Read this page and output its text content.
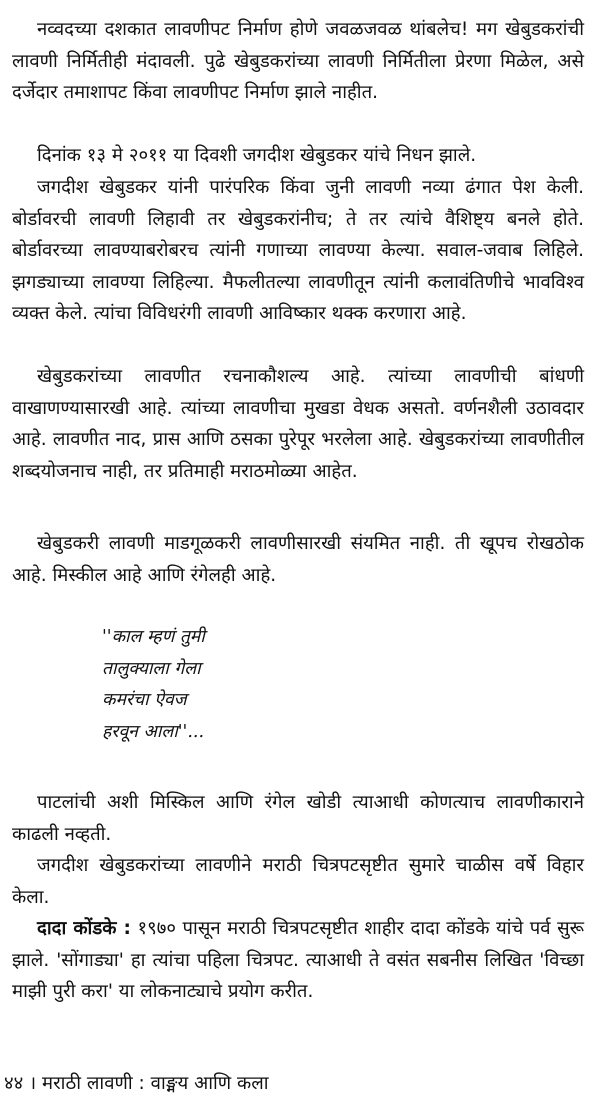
नव्वदच्या दशकात लावणीपट निर्माण होणे जवळजवळ थांबलेच! मग खेबुडकरांची लावणी निर्मितीही मंदावली. पुढे खेबुडकरांच्या लावणी निर्मितीला प्रेरणा मिळेल, असे दर्जेदार तमाशापट किंवा लावणीपट निर्माण झाले नाहीत.

दिनांक १३ मे २०११ या दिवशी जगदीश खेबुडकर यांचे निधन झाले.

जगदीश खेबुडकर यांनी पारंपरिक किंवा जुनी लावणी नव्या ढंगात पेश केली. बोर्डावरची लावणी लिहावी तर खेबुडकरांनीच; ते तर त्यांचे वैशिष्ट्य बनले होते. बोर्डावरच्या लावण्याबरोबरच त्यांनी गणाच्या लावण्या केल्या. सवाल-जवाब लिहिले. झगड्याच्या लावण्या लिहिल्या. मैफलीतल्या लावणीतून त्यांनी कलावंतिणीचे भावविश्व व्यक्त केले. त्यांचा विविधरंगी लावणी आविष्कार थक्क करणारा आहे.

खेबुडकरांच्या लावणीत रचनाकौशल्य आहे. त्यांच्या लावणीची बांधणी वाखाणण्यासारखी आहे. त्यांच्या लावणीचा मुखडा वेधक असतो. वर्णनशैली उठावदार आहे. लावणीत नाद, प्रास आणि ठसका पुरेपूर भरलेला आहे. खेबुडकरांच्या लावणीतील शब्दयोजनाच नाही, तर प्रतिमाही मराठमोळ्या आहेत.

खेबुडकरी लावणी माडगूळकरी लावणीसारखी संयमित नाही. ती खूपच रोखठोक आहे. मिस्कील आहे आणि रंगेलही आहे.

''काल म्हणं तुमी
तालुक्याला गेला
कमरंचा ऐवज
हरवून आला''...

पाटलांची अशी मिस्किल आणि रंगेल खोडी त्याआधी कोणत्याच लावणीकाराने काढली नव्हती.

जगदीश खेबुडकरांच्या लावणीने मराठी चित्रपटसृष्टीत सुमारे चाळीस वर्षे विहार केला.

दादा कोंडके : १९७० पासून मराठी चित्रपटसृष्टीत शाहीर दादा कोंडके यांचे पर्व सुरू झाले. 'सोंगाड्या' हा त्यांचा पहिला चित्रपट. त्याआधी ते वसंत सबनीस लिखित 'विच्छा माझी पुरी करा' या लोकनाट्याचे प्रयोग करीत.

४४ । मराठी लावणी : वाङ्मय आणि कला
